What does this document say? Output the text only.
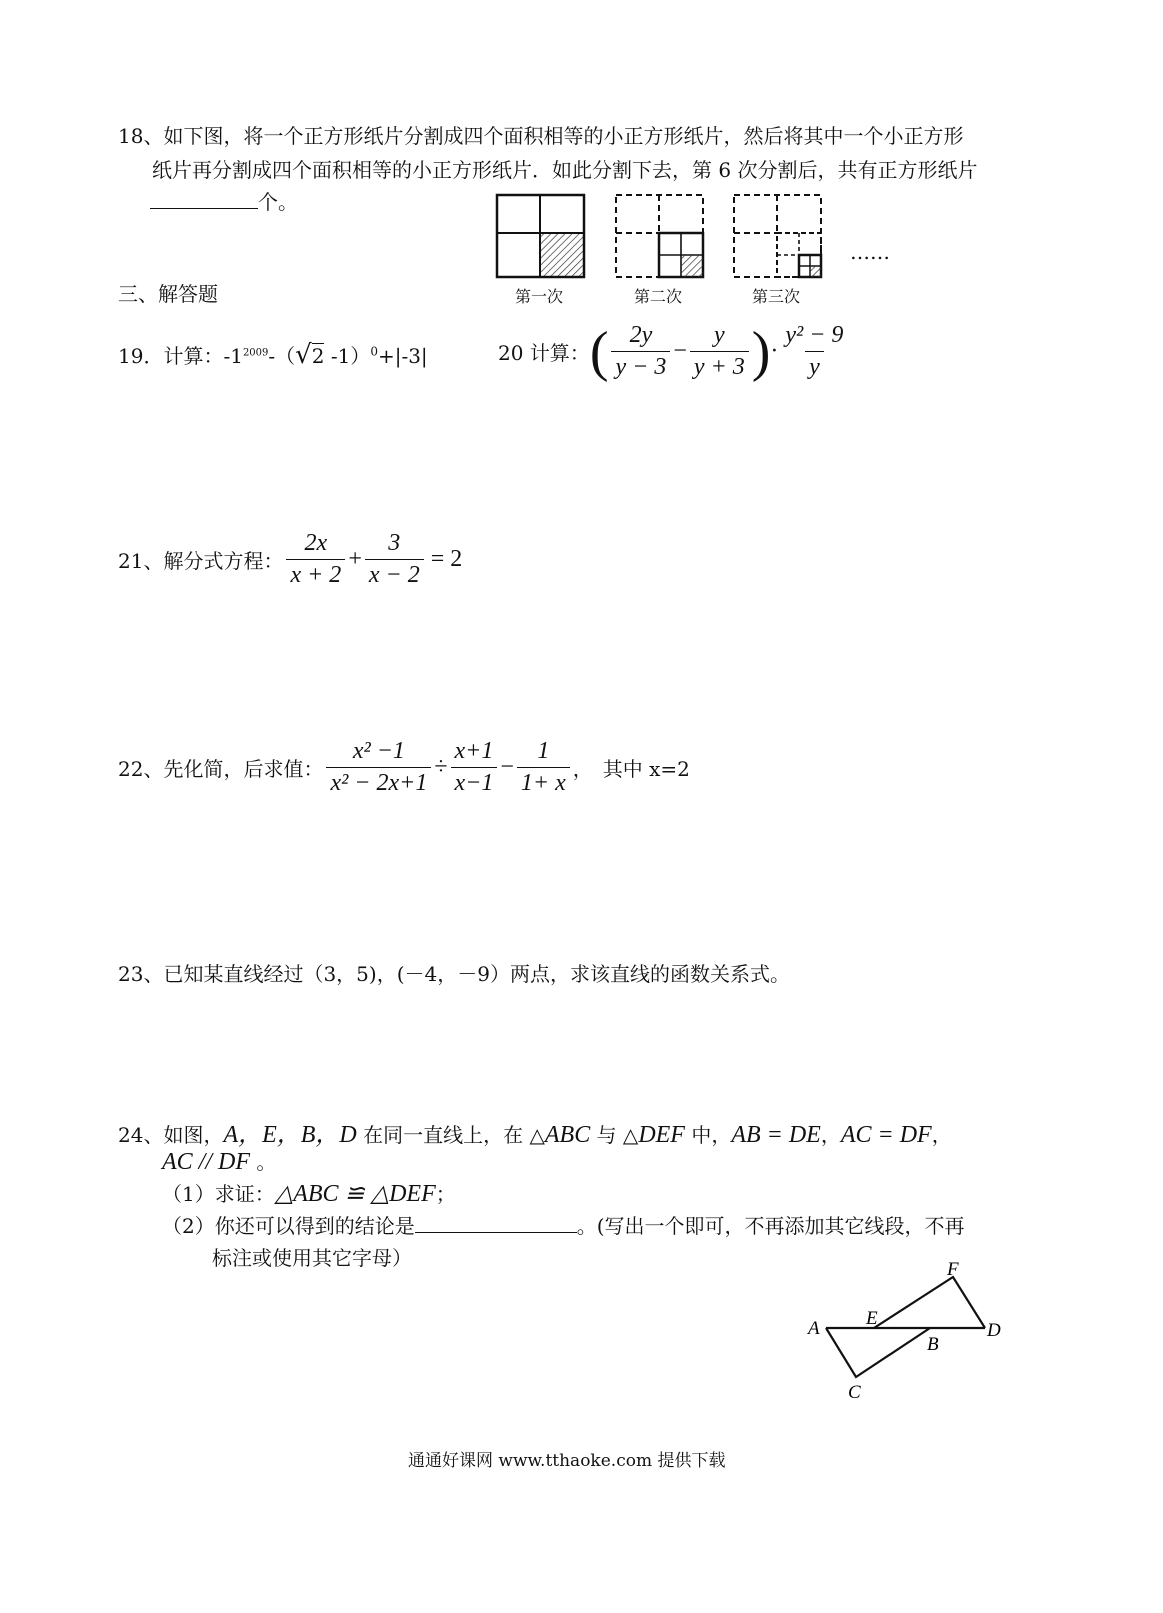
18、如下图，将一个正方形纸片分割成四个面积相等的小正方形纸片，然后将其中一个小正方形
纸片再分割成四个面积相等的小正方形纸片．如此分割下去，第 6 次分割后，共有正方形纸片
个。
……
第一次	第二次	第三次
三、解答题
19．计算：$-1^{2009}-(√2$ -1）$^0$+|-3|	20 计算： ( $\frac{2y}{y - 3} - \frac{y}{y + 3}$ ) · $\frac{\text{y² − 9}}{y}$
21、解分式方程： $\frac{2x}{x + 2} + \frac{3}{x - 2} = 2$
22、先化简，后求值： $\frac{\text{x² −1}}{\text{x² − 2x+1}} \div \frac{x+1}{x-1} - \frac{1}{1+ x}$ ，　其中 x=2
23、已知某直线经过（3，5)，(－4，－9）两点，求该直线的函数关系式。
24、如图，A，E，B，D 在同一直线上，在 △ABC 与 △DEF 中，AB = DE，AC = DF，
AC // DF 。
（1）求证：△ABC ≌ △DEF；
（2）你还可以得到的结论是	。(写出一个即可，不再添加其它线段，不再
标注或使用其它字母）
A E
B
D
F
C
通通好课网 www.tthaoke.com 提供下载
